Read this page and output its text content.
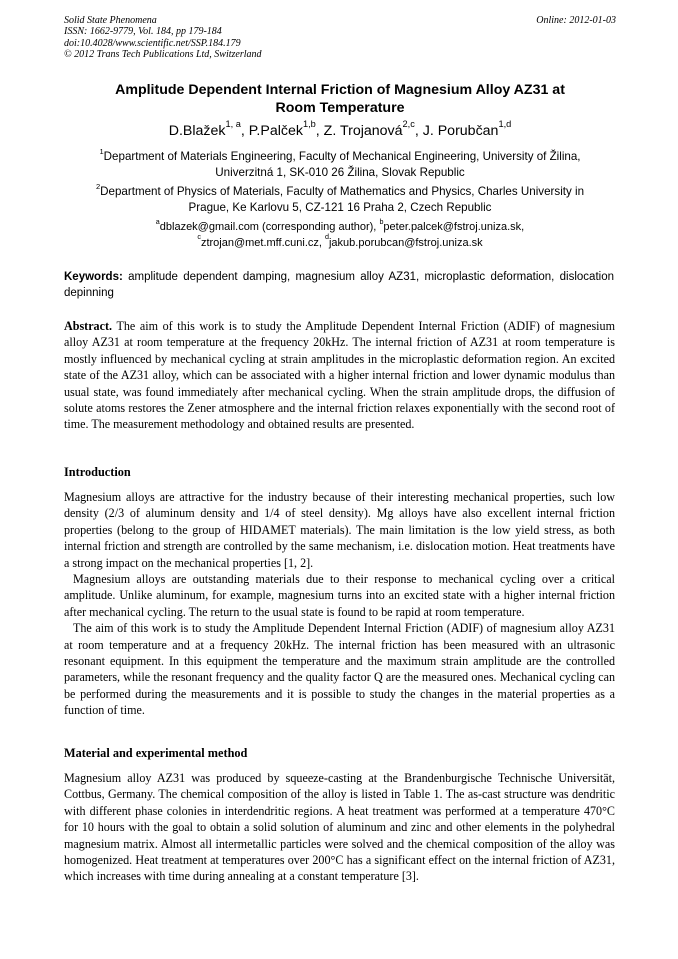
Solid State Phenomena
ISSN: 1662-9779, Vol. 184, pp 179-184
doi:10.4028/www.scientific.net/SSP.184.179
© 2012 Trans Tech Publications Ltd, Switzerland
Online: 2012-01-03
Amplitude Dependent Internal Friction of Magnesium Alloy AZ31 at
Room Temperature
D.Blažek$^{1, a}$, P.Palček$^{1,b}$, Z. Trojanová$^{2,c}$, J. Porubčan$^{1,d}$
$^1$Department of Materials Engineering, Faculty of Mechanical Engineering, University of Žilina,
Univerzitná 1, SK-010 26 Žilina, Slovak Republic
$^2$Department of Physics of Materials, Faculty of Mathematics and Physics, Charles University in
Prague, Ke Karlovu 5, CZ-121 16 Praha 2, Czech Republic
$^a$dblazek@gmail.com (corresponding author), $^b$peter.palcek@fstroj.uniza.sk,
$^c$ztrojan@met.mff.cuni.cz, $^d$jakub.porubcan@fstroj.uniza.sk
Keywords: amplitude dependent damping, magnesium alloy AZ31, microplastic deformation, dislocation depinning
Abstract. The aim of this work is to study the Amplitude Dependent Internal Friction (ADIF) of magnesium alloy AZ31 at room temperature at the frequency 20kHz. The internal friction of AZ31 at room temperature is mostly influenced by mechanical cycling at strain amplitudes in the microplastic deformation region. An excited state of the AZ31 alloy, which can be associated with a higher internal friction and lower dynamic modulus than usual state, was found immediately after mechanical cycling. When the strain amplitude drops, the diffusion of solute atoms restores the Zener atmosphere and the internal friction relaxes exponentially with the second root of time. The measurement methodology and obtained results are presented.
Introduction

Magnesium alloys are attractive for the industry because of their interesting mechanical properties, such low density (2/3 of aluminum density and 1/4 of steel density). Mg alloys have also excellent internal friction properties (belong to the group of HIDAMET materials). The main limitation is the low yield stress, as both internal friction and strength are controlled by the same mechanism, i.e. dislocation motion. Heat treatments have a strong impact on the mechanical properties [1, 2].

Magnesium alloys are outstanding materials due to their response to mechanical cycling over a critical amplitude. Unlike aluminum, for example, magnesium turns into an excited state with a higher internal friction after mechanical cycling. The return to the usual state is found to be rapid at room temperature.

The aim of this work is to study the Amplitude Dependent Internal Friction (ADIF) of magnesium alloy AZ31 at room temperature and at a frequency 20kHz. The internal friction has been measured with an ultrasonic resonant equipment. In this equipment the temperature and the maximum strain amplitude are the controlled parameters, while the resonant frequency and the quality factor Q are the measured ones. Mechanical cycling can be performed during the measurements and it is possible to study the changes in the material properties as a function of time.

Material and experimental method

Magnesium alloy AZ31 was produced by squeeze-casting at the Brandenburgische Technische Universität, Cottbus, Germany. The chemical composition of the alloy is listed in Table 1. The as-cast structure was dendritic with different phase colonies in interdendritic regions. A heat treatment was performed at a temperature 470°C for 10 hours with the goal to obtain a solid solution of aluminum and zinc and other elements in the polyhedral magnesium matrix. Almost all intermetallic particles were solved and the chemical composition of the alloy was homogenized. Heat treatment at temperatures over 200°C has a significant effect on the internal friction of AZ31, which increases with time during annealing at a constant temperature [3].
